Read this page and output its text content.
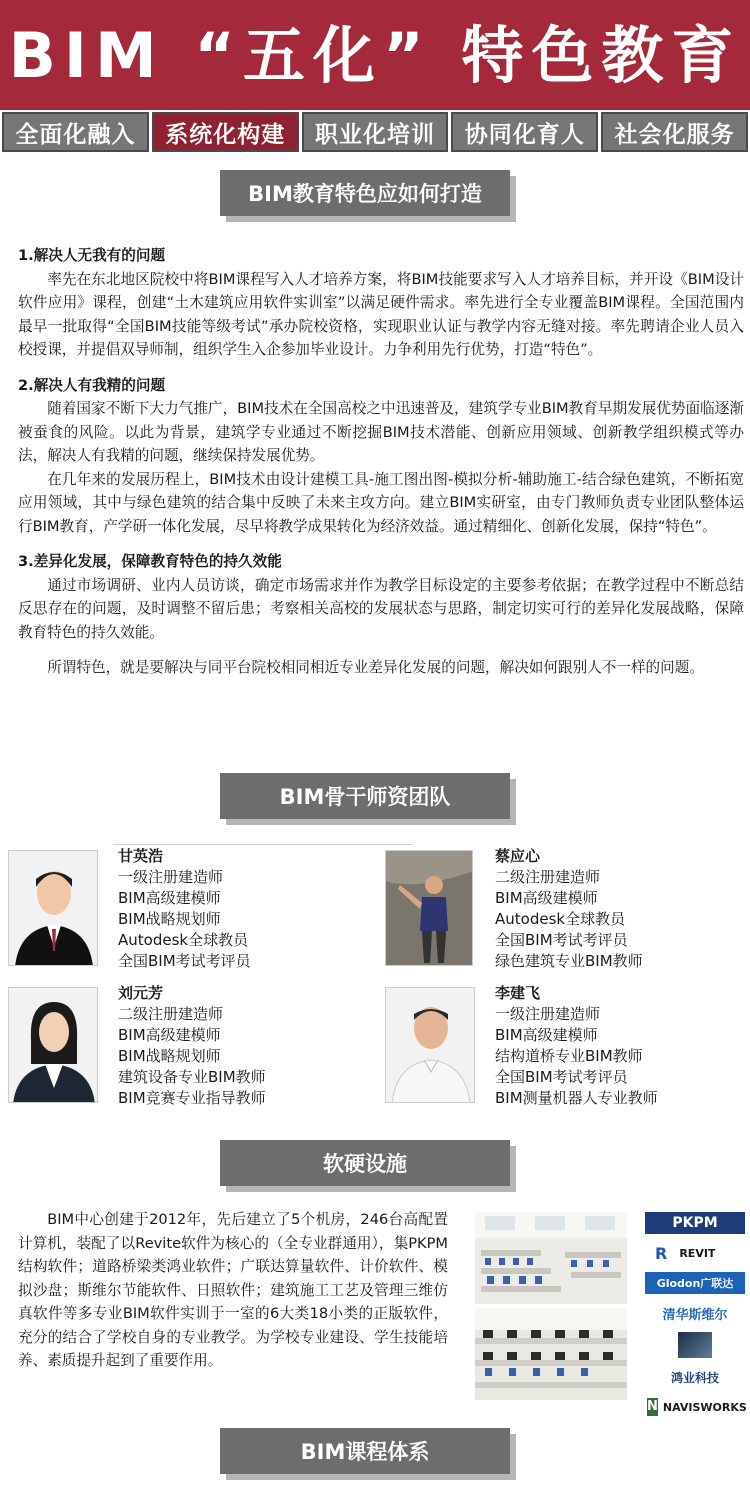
BIM “五化” 特色教育
全面化融入	系统化构建	职业化培训	协同化育人	社会化服务
BIM教育特色应如何打造
1.解决人无我有的问题

率先在东北地区院校中将BIM课程写入人才培养方案，将BIM技能要求写入人才培养目标，并开设《BIM设计软件应用》课程，创建“土木建筑应用软件实训室”以满足硬件需求。率先进行全专业覆盖BIM课程。全国范围内最早一批取得“全国BIM技能等级考试”承办院校资格，实现职业认证与教学内容无缝对接。率先聘请企业人员入校授课，并提倡双导师制，组织学生入企参加毕业设计。力争利用先行优势，打造“特色”。

2.解决人有我精的问题

随着国家不断下大力气推广，BIM技术在全国高校之中迅速普及，建筑学专业BIM教育早期发展优势面临逐渐被蚕食的风险。以此为背景，建筑学专业通过不断挖掘BIM技术潜能、创新应用领域、创新教学组织模式等办法，解决人有我精的问题，继续保持发展优势。

在几年来的发展历程上，BIM技术由设计建模工具-施工图出图-模拟分析-辅助施工-结合绿色建筑，不断拓宽应用领域，其中与绿色建筑的结合集中反映了未来主攻方向。建立BIM实研室，由专门教师负责专业团队整体运行BIM教育，产学研一体化发展，尽早将教学成果转化为经济效益。通过精细化、创新化发展，保持“特色”。

3.差异化发展，保障教育特色的持久效能

通过市场调研、业内人员访谈，确定市场需求并作为教学目标设定的主要参考依据；在教学过程中不断总结反思存在的问题，及时调整不留后患；考察相关高校的发展状态与思路，制定切实可行的差异化发展战略，保障教育特色的持久效能。

所谓特色，就是要解决与同平台院校相同相近专业差异化发展的问题，解决如何跟别人不一样的问题。

BIM骨干师资团队
甘英浩
一级注册建造师
BIM高级建模师
BIM战略规划师
Autodesk全球教员
全国BIM考试考评员
蔡应心
二级注册建造师
BIM高级建模师
Autodesk全球教员
全国BIM考试考评员
绿色建筑专业BIM教师
刘元芳
二级注册建造师
BIM高级建模师
BIM战略规划师
建筑设备专业BIM教师
BIM竞赛专业指导教师
李建飞
一级注册建造师
BIM高级建模师
结构道桥专业BIM教师
全国BIM考试考评员
BIM测量机器人专业教师
软硬设施
BIM中心创建于2012年，先后建立了5个机房，246台高配置计算机，装配了以Revite软件为核心的（全专业群通用），集PKPM结构软件；道路桥梁类鸿业软件；广联达算量软件、计价软件、模拟沙盘；斯维尔节能软件、日照软件；建筑施工工艺及管理三维仿真软件等多专业BIM软件实训于一室的6大类18小类的正版软件，充分的结合了学校自身的专业教学。为学校专业建设、学生技能培养、素质提升起到了重要作用。
PKPM
R REVIT
Glodon广联达
清华斯维尔
鸿业科技
N NAVISWORKS
BIM课程体系
